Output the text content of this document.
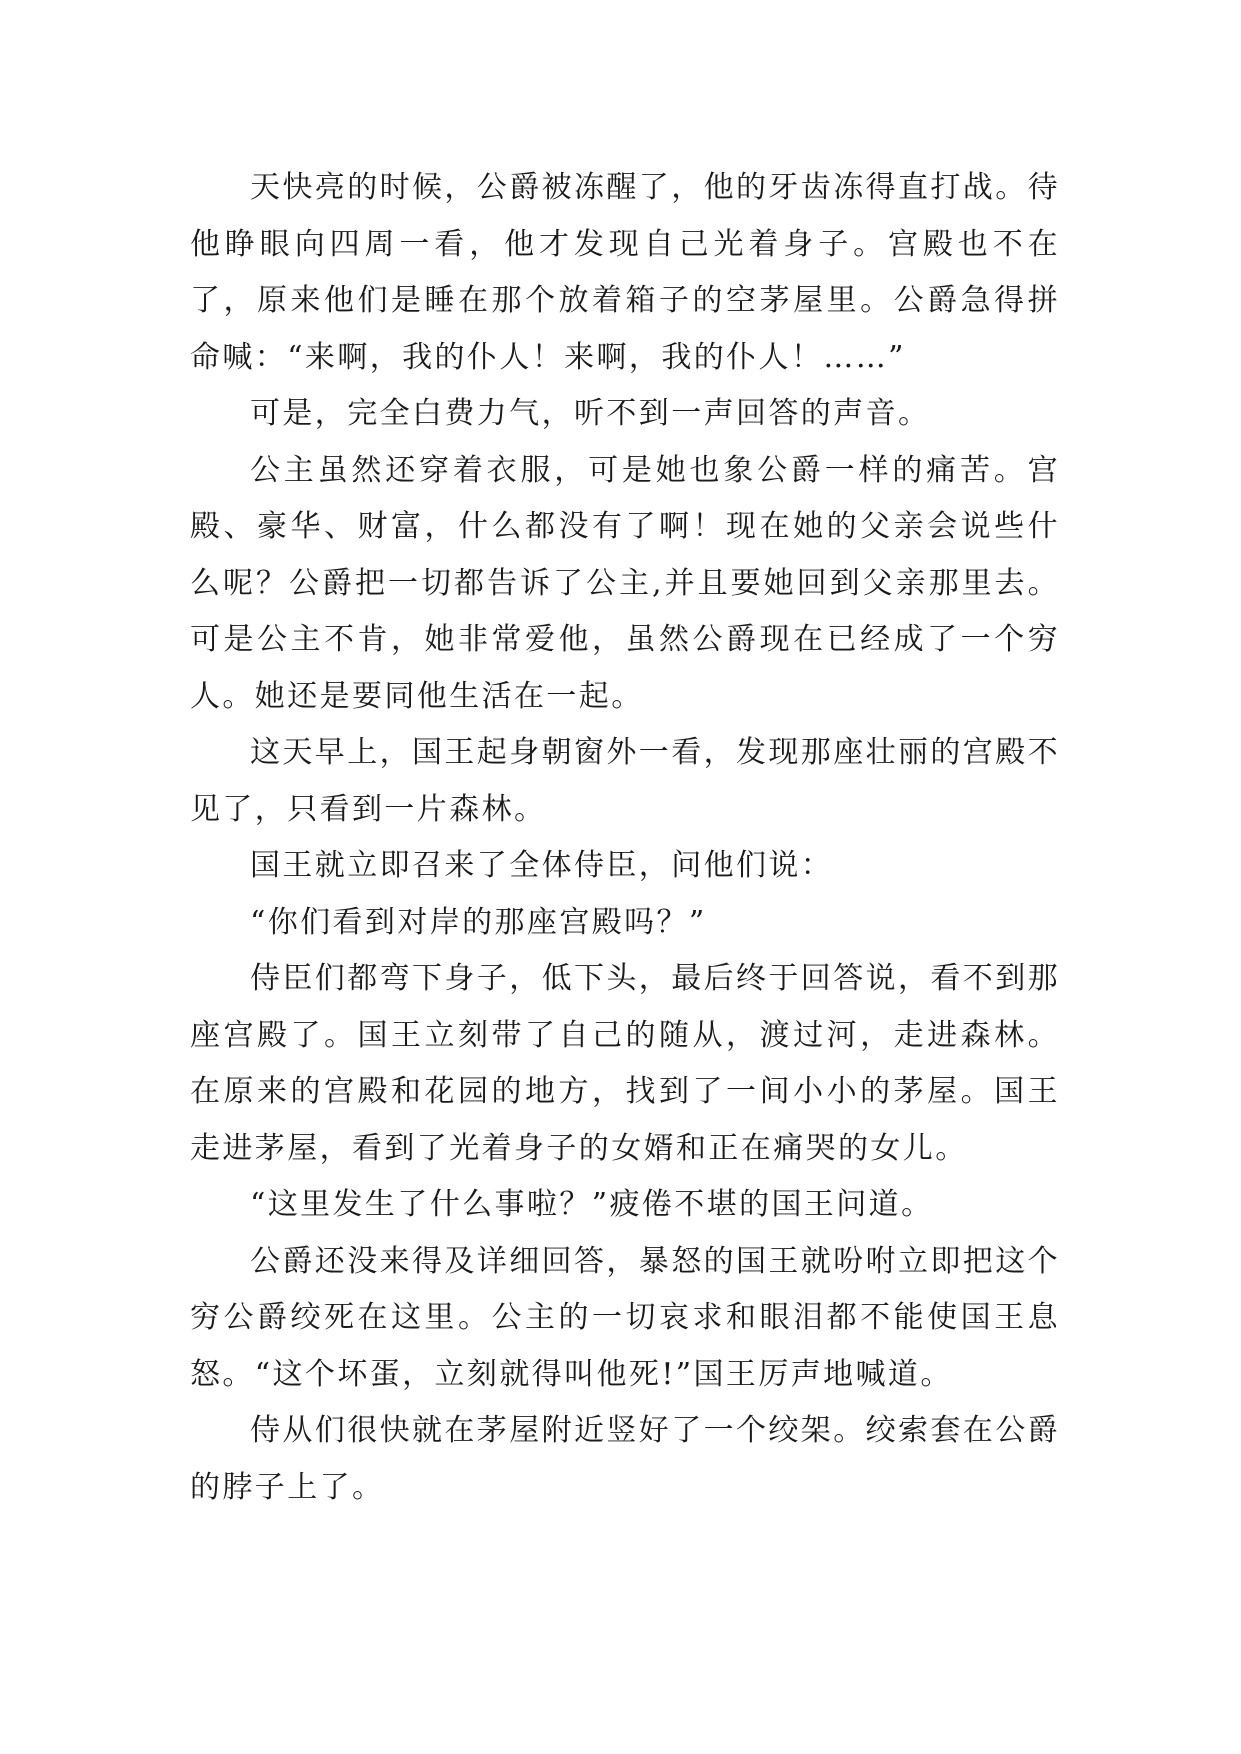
天快亮的时候，公爵被冻醒了，他的牙齿冻得直打战。待他睁眼向四周一看，他才发现自己光着身子。宫殿也不在了，原来他们是睡在那个放着箱子的空茅屋里。公爵急得拼命喊：“来啊，我的仆人！来啊，我的仆人！……”

可是，完全白费力气，听不到一声回答的声音。

公主虽然还穿着衣服，可是她也象公爵一样的痛苦。宫殿、豪华、财富，什么都没有了啊！现在她的父亲会说些什么呢？公爵把一切都告诉了公主,并且要她回到父亲那里去。可是公主不肯，她非常爱他，虽然公爵现在已经成了一个穷人。她还是要同他生活在一起。

这天早上，国王起身朝窗外一看，发现那座壮丽的宫殿不见了，只看到一片森林。

国王就立即召来了全体侍臣，问他们说：

“你们看到对岸的那座宫殿吗？”

侍臣们都弯下身子，低下头，最后终于回答说，看不到那座宫殿了。国王立刻带了自己的随从，渡过河，走进森林。在原来的宫殿和花园的地方，找到了一间小小的茅屋。国王走进茅屋，看到了光着身子的女婿和正在痛哭的女儿。

“这里发生了什么事啦？”疲倦不堪的国王问道。

公爵还没来得及详细回答，暴怒的国王就吩咐立即把这个穷公爵绞死在这里。公主的一切哀求和眼泪都不能使国王息怒。“这个坏蛋，立刻就得叫他死!”国王厉声地喊道。

侍从们很快就在茅屋附近竖好了一个绞架。绞索套在公爵的脖子上了。
